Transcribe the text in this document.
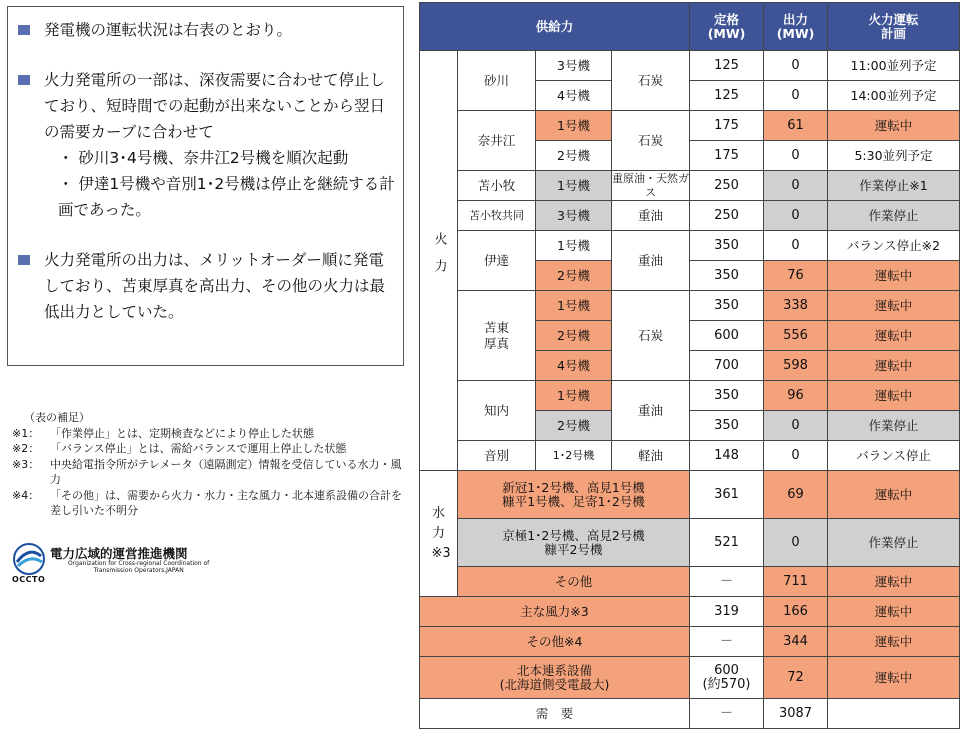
発電機の運転状況は右表のとおり。
火力発電所の一部は、深夜需要に合わせて停止しており、短時間での起動が出来ないことから翌日の需要カーブに合わせて
・ 砂川3･4号機、奈井江2号機を順次起動
・ 伊達1号機や音別1･2号機は停止を継続する計画であった。
火力発電所の出力は、メリットオーダー順に発電しており、苫東厚真を高出力、その他の火力は最低出力としていた。
（表の補足）
※1： 「作業停止」とは、定期検査などにより停止した状態
※2： 「バランス停止」とは、需給バランスで運用上停止した状態
※3： 中央給電指令所がテレメータ（遠隔測定）情報を受信している水力・風力
※4： 「その他」は、需要から火力・水力・主な風力・北本連系設備の合計を差し引いた不明分
OCCTO
電力広域的運営推進機関
Organization for Cross-regional Coordination of
Transmission Operators,JAPAN
供給力				定格
(MW)	出力
(MW)	火力運転
計画
火力	砂川	3号機	石炭	125	0	11:00並列予定
		4号機		125	0	14:00並列予定
	奈井江	1号機	石炭	175	61	運転中
		2号機		175	0	5:30並列予定
	苫小牧	1号機	重原油・天然ガス	250	0	作業停止※1
	苫小牧共同	3号機	重油	250	0	作業停止
	伊達	1号機	重油	350	0	バランス停止※2
		2号機		350	76	運転中
	苫東厚真	1号機	石炭	350	338	運転中
		2号機		600	556	運転中
		4号機		700	598	運転中
	知内	1号機	重油	350	96	運転中
		2号機		350	0	作業停止
	音別	1･2号機	軽油	148	0	バランス停止
水力※3	新冠1･2号機、高見1号機
糠平1号機、足寄1･2号機			361	69	運転中
	京極1･2号機、高見2号機
糠平2号機			521	0	作業停止
	その他			－	711	運転中
主な風力※3				319	166	運転中
その他※4				－	344	運転中
北本連系設備
(北海道側受電最大)				600
(約570)	72	運転中
需　要				－	3087	
